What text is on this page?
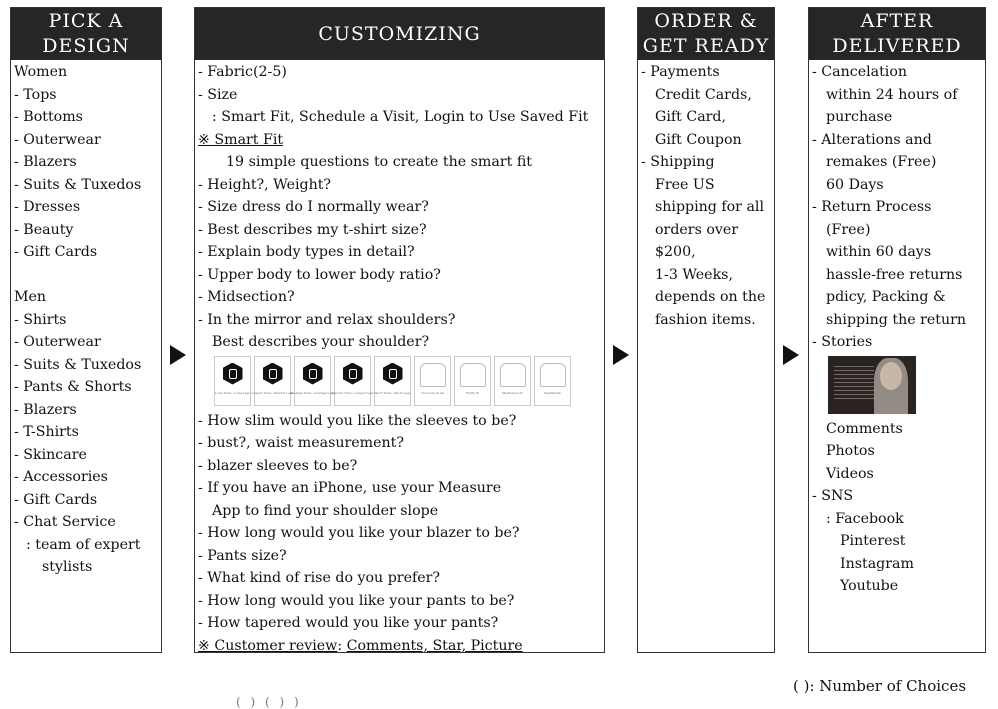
PICK A
DESIGN
Women
- Tops
- Bottoms
- Outerwear
- Blazers
- Suits & Tuxedos
- Dresses
- Beauty
- Gift Cards

Men
- Shirts
- Outerwear
- Suits & Tuxedos
- Pants & Shorts
- Blazers
- T-Shirts
- Skincare
- Accessories
- Gift Cards
- Chat Service
: team of expert
stylists
CUSTOMIZING
- Fabric(2-5)
- Size
: Smart Fit, Schedule a Visit, Login to Use Saved Fit
※ Smart Fit
19 simple questions to create the smart fit
- Height?, Weight?
- Size dress do I normally wear?
- Best describes my t-shirt size?
- Explain body types in detail?
- Upper body to lower body ratio?
- Midsection?
- In the mirror and relax shoulders?
Best describes your shoulder?
Long Torso, Long Legs Longer Torso, Shorter Legs
Average Torso, Average Legs
Shorter Torso, Longer Legs Short Torso, Short Legs	Not body at all	Fluffy fit	Medium body	Significant
- How slim would you like the sleeves to be?
- bust?, waist measurement?
- blazer sleeves to be?
- If you have an iPhone, use your Measure
App to find your shoulder slope
- How long would you like your blazer to be?
- Pants size?
- What kind of rise do you prefer?
- How long would you like your pants to be?
- How tapered would you like your pants?
※ Customer review: Comments, Star, Picture
ORDER &
GET READY
- Payments
Credit Cards,
Gift Card,
Gift Coupon
- Shipping
Free US
shipping for all
orders over
$200,
1-3 Weeks,
depends on the
fashion items.
AFTER
DELIVERED
- Cancelation
within 24 hours of
purchase
- Alterations and
remakes (Free)
60 Days
- Return Process
(Free)
within 60 days
hassle-free returns
pdicy, Packing &
shipping the return
- Stories
Comments
Photos
Videos
- SNS
: Facebook
Pinterest
Instagram
Youtube
( ): Number of Choices
( ) ( ) )
